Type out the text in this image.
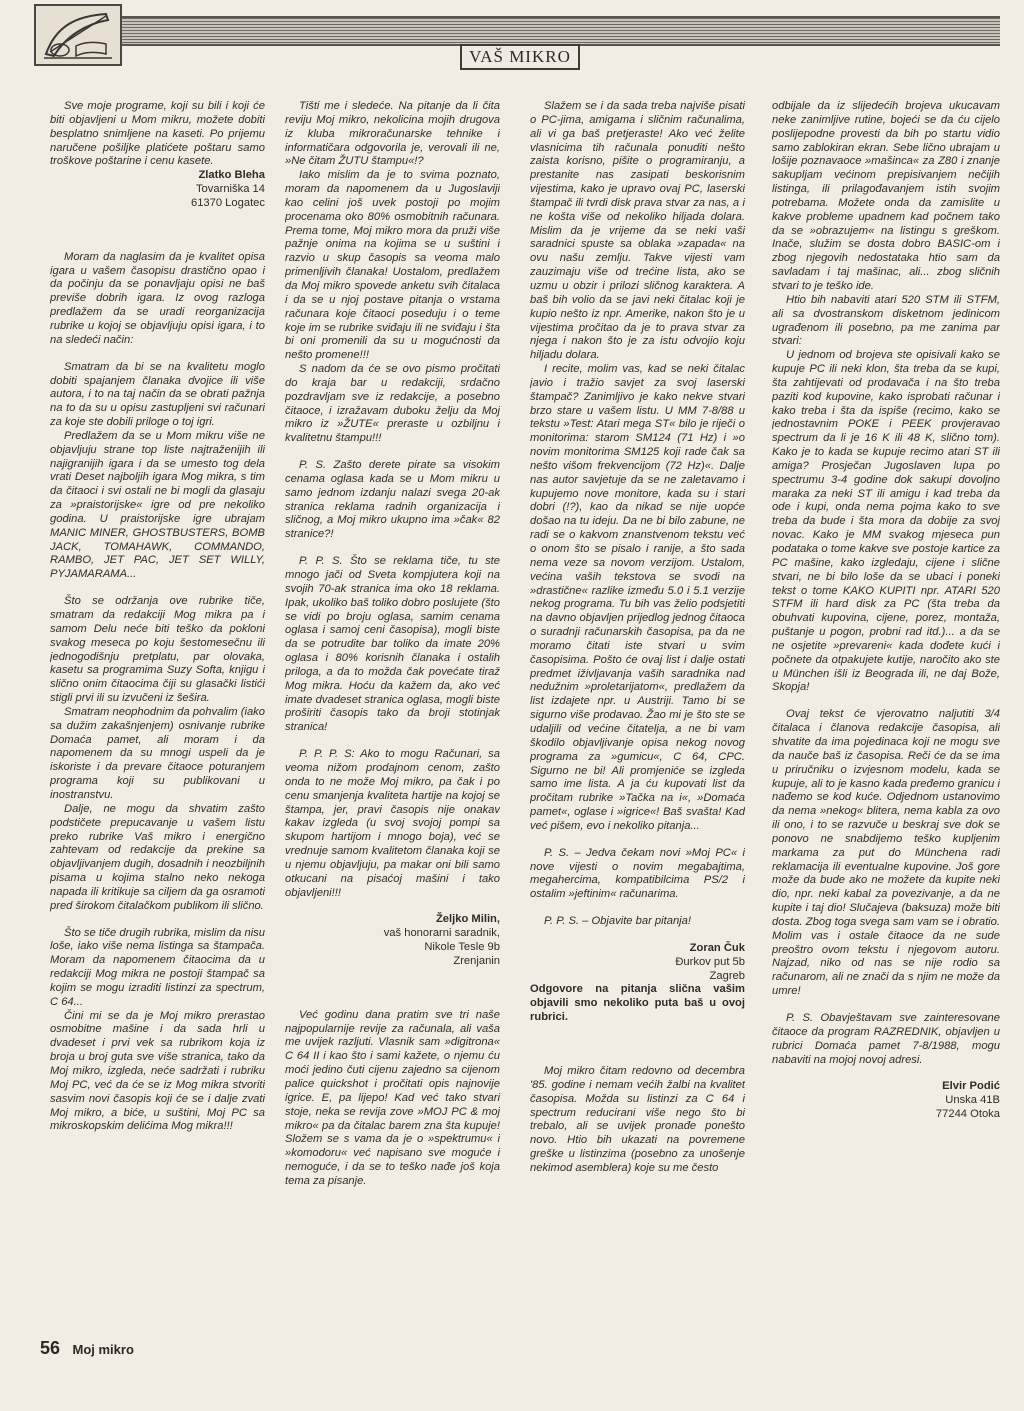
VAŠ MIKRO

Sve moje programe, koji su bili i koji će biti objavljeni u Mom mikru, možete dobiti besplatno snimljene na kaseti. Po prijemu naručene pošiljke platićete poštaru samo troškove poštarine i cenu kasete.

Zlatko Bleha

Tovarniška 14

61370 Logatec

Moram da naglasim da je kvalitet opisa igara u vašem časopisu drastično opao i da počinju da se ponavljaju opisi ne baš previše dobrih igara. Iz ovog razloga predlažem da se uradi reorganizacija rubrike u kojoj se objavljuju opisi igara, i to na sledeći način:

Smatram da bi se na kvalitetu moglo dobiti spajanjem članaka dvojice ili više autora, i to na taj način da se obrati pažnja na to da su u opisu zastupljeni svi računari za koje ste dobili priloge o toj igri.

Predlažem da se u Mom mikru više ne objavljuju strane top liste najtraženijih ili najigranijih igara i da se umesto tog dela vrati Deset najboljih igara Mog mikra, s tim da čitaoci i svi ostali ne bi mogli da glasaju za »praistorijske« igre od pre nekoliko godina. U praistorijske igre ubrajam MANIC MINER, GHOSTBUSTERS, BOMB JACK, TOMAHAWK, COMMANDO, RAMBO, JET PAC, JET SET WILLY, PYJAMARAMA...

Što se održanja ove rubrike tiče, smatram da redakciji Mog mikra pa i samom Delu neće biti teško da pokloni svakog meseca po koju šestomesečnu ili jednogodišnju pretplatu, par olovaka, kasetu sa programima Suzy Softa, knjigu i slično onim čitaocima čiji su glasački listići stigli prvi ili su izvučeni iz šešira.

Smatram neophodnim da pohvalim (iako sa dužim zakašnjenjem) osnivanje rubrike Domaća pamet, ali moram i da napomenem da su mnogi uspeli da je iskoriste i da prevare čitaoce poturanjem programa koji su publikovani u inostranstvu.

Dalje, ne mogu da shvatim zašto podstičete prepucavanje u vašem listu preko rubrike Vaš mikro i energično zahtevam od redakcije da prekine sa objavljivanjem dugih, dosadnih i neozbiljnih pisama u kojima stalno neko nekoga napada ili kritikuje sa ciljem da ga osramoti pred širokom čitalačkom publikom ili slično.

Što se tiče drugih rubrika, mislim da nisu loše, iako više nema listinga sa štampača. Moram da napomenem čitaocima da u redakciji Mog mikra ne postoji štampač sa kojim se mogu izraditi listinzi za spectrum, C 64...

Čini mi se da je Moj mikro prerastao osmobitne mašine i da sada hrli u dvadeset i prvi vek sa rubrikom koja iz broja u broj guta sve više stranica, tako da Moj mikro, izgleda, neće sadržati i rubriku Moj PC, već da će se iz Mog mikra stvoriti sasvim novi časopis koji će se i dalje zvati Moj mikro, a biće, u suštini, Moj PC sa mikroskopskim delićima Mog mikra!!!

Tišti me i sledeće. Na pitanje da li čita reviju Moj mikro, nekolicina mojih drugova iz kluba mikroračunarske tehnike i informatičara odgovorila je, verovali ili ne, »Ne čitam ŽUTU štampu«!?

Iako mislim da je to svima poznato, moram da napomenem da u Jugoslaviji kao celini još uvek postoji po mojim procenama oko 80% osmobitnih računara. Prema tome, Moj mikro mora da pruži više pažnje onima na kojima se u suštini i razvio u skup časopis sa veoma malo primenljivih članaka! Uostalom, predlažem da Moj mikro spovede anketu svih čitalaca i da se u njoj postave pitanja o vrstama računara koje čitaoci poseduju i o teme koje im se rubrike sviđaju ili ne sviđaju i šta bi oni promenili da su u mogućnosti da nešto promene!!!

S nadom da će se ovo pismo pročitati do kraja bar u redakciji, srdačno pozdravljam sve iz redakcije, a posebno čitaoce, i izražavam duboku želju da Moj mikro iz »ŽUTE« preraste u ozbiljnu i kvalitetnu štampu!!!

P. S. Zašto derete pirate sa visokim cenama oglasa kada se u Mom mikru u samo jednom izdanju nalazi svega 20-ak stranica reklama radnih organizacija i sličnog, a Moj mikro ukupno ima »čak« 82 stranice?!

P. P. S. Što se reklama tiče, tu ste mnogo jači od Sveta kompjutera koji na svojih 70-ak stranica ima oko 18 reklama. Ipak, ukoliko baš toliko dobro poslujete (što se vidi po broju oglasa, samim cenama oglasa i samoj ceni časopisa), mogli biste da se potrudite bar toliko da imate 20% oglasa i 80% korisnih članaka i ostalih priloga, a da to možda čak povećate tiraž Mog mikra. Hoću da kažem da, ako već imate dvadeset stranica oglasa, mogli biste proširiti časopis tako da broji stotinjak stranica!

P. P. P. S: Ako to mogu Računari, sa veoma nižom prodajnom cenom, zašto onda to ne može Moj mikro, pa čak i po cenu smanjenja kvaliteta hartije na kojoj se štampa, jer, pravi časopis nije onakav kakav izgleda (u svoj svojoj pompi sa skupom hartijom i mnogo boja), već se vrednuje samom kvalitetom članaka koji se u njemu objavljuju, pa makar oni bili samo otkucani na pisaćoj mašini i tako objavljeni!!!

Željko Milin,

vaš honorarni saradnik,

Nikole Tesle 9b

Zrenjanin

Već godinu dana pratim sve tri naše najpopularnije revije za računala, ali vaša me uvijek razljuti. Vlasnik sam »digitrona« C 64 II i kao što i sami kažete, o njemu ću moći jedino čuti cijenu zajedno sa cijenom palice quickshot i pročitati opis najnovije igrice. E, pa lijepo! Kad već tako stvari stoje, neka se revija zove »MOJ PC & moj mikro« pa da čitalac barem zna šta kupuje! Složem se s vama da je o »spektrumu« i »komodoru« već napisano sve moguće i nemoguće, i da se to teško nađe još koja tema za pisanje.

Slažem se i da sada treba najviše pisati o PC-jima, amigama i sličnim računalima, ali vi ga baš pretjeraste! Ako već želite vlasnicima tih računala ponuditi nešto zaista korisno, pišite o programiranju, a prestanite nas zasipati beskorisnim vijestima, kako je upravo ovaj PC, laserski štampač ili tvrdi disk prava stvar za nas, a i ne košta više od nekoliko hiljada dolara. Mislim da je vrijeme da se neki vaši saradnici spuste sa oblaka »zapada« na ovu našu zemlju. Takve vijesti vam zauzimaju više od trećine lista, ako se uzmu u obzir i prilozi sličnog karaktera. A baš bih volio da se javi neki čitalac koji je kupio nešto iz npr. Amerike, nakon što je u vijestima pročitao da je to prava stvar za njega i nakon što je za istu odvojio koju hiljadu dolara.

I recite, molim vas, kad se neki čitalac javio i tražio savjet za svoj laserski štampač? Zanimljivo je kako nekve stvari brzo stare u vašem listu. U MM 7-8/88 u tekstu »Test: Atari mega ST« bilo je riječi o monitorima: starom SM124 (71 Hz) i »o novim monitorima SM125 koji rade čak sa nešto višom frekvencijom (72 Hz)«. Dalje nas autor savjetuje da se ne zaletavamo i kupujemo nove monitore, kada su i stari dobri (!?), kao da nikad se nije uopće došao na tu ideju. Da ne bi bilo zabune, ne radi se o kakvom znanstvenom tekstu već o onom što se pisalo i ranije, a što sada nema veze sa novom verzijom. Ustalom, većina vaših tekstova se svodi na »drastične« razlike između 5.0 i 5.1 verzije nekog programa. Tu bih vas želio podsjetiti na davno objavljen prijedlog jednog čitaoca o suradnji računarskih časopisa, pa da ne moramo čitati iste stvari u svim časopisima. Pošto će ovaj list i dalje ostati predmet iživljavanja vaših saradnika nad nedužnim »proletarijatom«, predlažem da list izdajete npr. u Austriji. Tamo bi se sigurno više prodavao. Žao mi je što ste se udaljili od većine čitatelja, a ne bi vam škodilo objavljivanje opisa nekog novog programa za »gumicu«, C 64, CPC. Sigurno ne bi! Ali promjeniće se izgleda samo ime lista. A ja ću kupovati list da pročitam rubrike »Tačka na i«, »Domaća pamet«, oglase i »igrice«! Baš svašta! Kad već pišem, evo i nekoliko pitanja...

P. S. – Jedva čekam novi »Moj PC« i nove vijesti o novim megabajtima, megahercima, kompatibilcima PS/2 i ostalim »jeftinim« računarima.

P. P. S. – Objavite bar pitanja!

Zoran Čuk

Đurkov put 5b

Zagreb

Odgovore na pitanja slična vašim objavili smo nekoliko puta baš u ovoj rubrici.

Moj mikro čitam redovno od decembra '85. godine i nemam većih žalbi na kvalitet časopisa. Možda su listinzi za C 64 i spectrum reducirani više nego što bi trebalo, ali se uvijek pronađe ponešto novo. Htio bih ukazati na povremene greške u listinzima (posebno za unošenje nekimod asemblera) koje su me često

odbijale da iz slijedećih brojeva ukucavam neke zanimljive rutine, bojeći se da ću cijelo poslijepodne provesti da bih po startu vidio samo zablokiran ekran. Sebe lično ubrajam u lošije poznavaoce »mašinca« za Z80 i znanje sakupljam većinom prepisivanjem nečijih listinga, ili prilagođavanjem istih svojim potrebama. Možete onda da zamislite u kakve probleme upadnem kad počnem tako da se »obrazujem« na listingu s greškom. Inače, služim se dosta dobro BASIC-om i zbog njegovih nedostataka htio sam da savladam i taj mašinac, ali... zbog sličnih stvari to je teško ide.

Htio bih nabaviti atari 520 STM ili STFM, ali sa dvostranskom disketnom jedinicom ugrađenom ili posebno, pa me zanima par stvari:

U jednom od brojeva ste opisivali kako se kupuje PC ili neki klon, šta treba da se kupi, šta zahtijevati od prodavača i na što treba paziti kod kupovine, kako isprobati računar i kako treba i šta da ispiše (recimo, kako se jednostavnim POKE i PEEK provjeravao spectrum da li je 16 K ili 48 K, slično tom). Kako je to kada se kupuje recimo atari ST ili amiga? Prosječan Jugoslaven lupa po spectrumu 3-4 godine dok sakupi dovoljno maraka za neki ST ili amigu i kad treba da ode i kupi, onda nema pojma kako to sve treba da bude i šta mora da dobije za svoj novac. Kako je MM svakog mjeseca pun podataka o tome kakve sve postoje kartice za PC mašine, kako izgledaju, cijene i slične stvari, ne bi bilo loše da se ubaci i poneki tekst o tome KAKO KUPITI npr. ATARI 520 STFM ili hard disk za PC (šta treba da obuhvati kupovina, cijene, porez, montaža, puštanje u pogon, probni rad itd.)... a da se ne osjetite »prevareni« kada dođete kući i počnete da otpakujete kutije, naročito ako ste u München išli iz Beograda ili, ne daj Bože, Skopja!

Ovaj tekst će vjerovatno naljutiti 3/4 čitalaca i članova redakcije časopisa, ali shvatite da ima pojedinaca koji ne mogu sve da nauče baš iz časopisa. Reči će da se ima u priručniku o izvjesnom modelu, kada se kupuje, ali to je kasno kada pređemo granicu i nađemo se kod kuće. Odjednom ustanovimo da nema »nekog« blitera, nema kabla za ovo ili ono, i to se razvuče u beskraj sve dok se ponovo ne snabdijemo teško kupljenim markama za put do Münchena radi reklamacija ili eventualne kupovine. Još gore može da bude ako ne možete da kupite neki dio, npr. neki kabal za povezivanje, a da ne kupite i taj dio! Slučajeva (baksuza) može biti dosta. Zbog toga svega sam vam se i obratio. Molim vas i ostale čitaoce da ne sude preoštro ovom tekstu i njegovom autoru. Najzad, niko od nas se nije rodio sa računarom, ali ne znači da s njim ne može da umre!

P. S. Obavještavam sve zainteresovane čitaoce da program RAZREDNIK, objavljen u rubrici Domaća pamet 7-8/1988, mogu nabaviti na mojoj novoj adresi.

Elvir Podić

Unska 41B

77244 Otoka

56 Moj mikro
